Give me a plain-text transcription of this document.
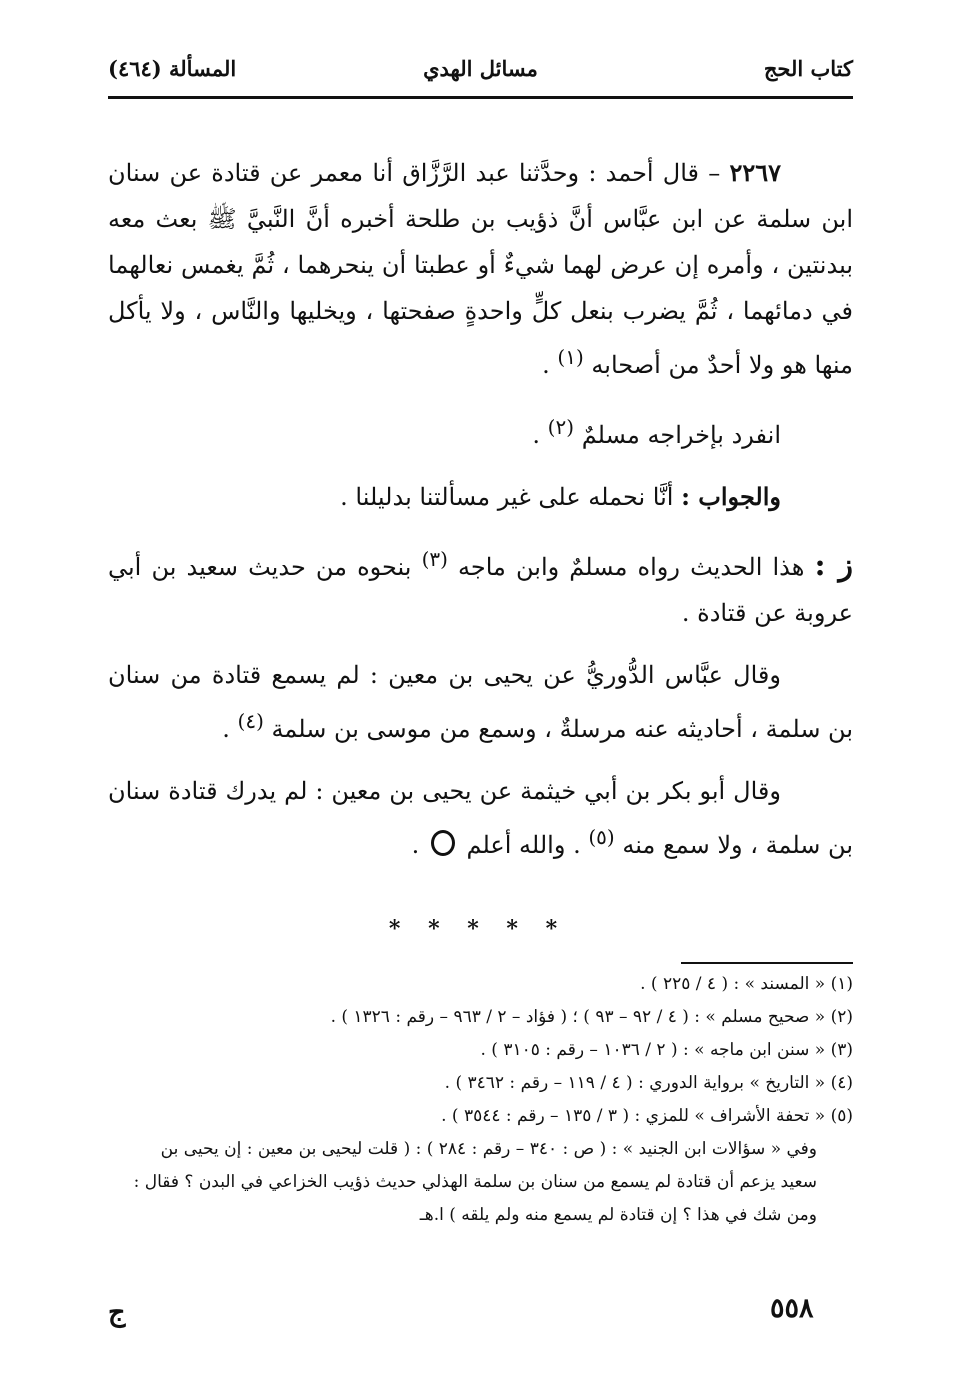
كتاب الحج
مسائل الهدي
المسألة (٤٦٤)

٢٢٦٧ – قال أحمد : وحدَّثنا عبد الرَّزَّاق أنا معمر عن قتادة عن سنان ابن سلمة عن ابن عبَّاس أنَّ ذؤيب بن طلحة أخبره أنَّ النَّبيَّ ﷺ بعث معه ببدنتين ، وأمره إن عرض لهما شيءٌ أو عطبتا أن ينحرهما ، ثُمَّ يغمس نعالهما في دمائهما ، ثُمَّ يضرب بنعل كلٍّ واحدةٍ صفحتها ، ويخليها والنَّاس ، ولا يأكل منها هو ولا أحدٌ من أصحابه $^{(١)}$ .

انفرد بإخراجه مسلمٌ $^{(٢)}$ .

والجواب : أنَّا نحمله على غير مسألتنا بدليلنا .

ز : هذا الحديث رواه مسلمٌ وابن ماجه $^{(٣)}$ بنحوه من حديث سعيد بن أبي عروبة عن قتادة .

وقال عبَّاس الدُّوريُّ عن يحيى بن معين : لم يسمع قتادة من سنان بن سلمة ، أحاديثه عنه مرسلةٌ ، وسمع من موسى بن سلمة $^{(٤)}$ .

وقال أبو بكر بن أبي خيثمة عن يحيى بن معين : لم يدرك قتادة سنان بن سلمة ، ولا سمع منه $^{(٥)}$ . والله أعلم  .

* * * * *
(١) « المسند » : ( ٤ / ٢٢٥ ) .
(٢) « صحيح مسلم » : ( ٤ / ٩٢ – ٩٣ ) ؛ ( فؤاد – ٢ / ٩٦٣ – رقم : ١٣٢٦ ) .
(٣) « سنن ابن ماجه » : ( ٢ / ١٠٣٦ – رقم : ٣١٠٥ ) .
(٤) « التاريخ » برواية الدوري : ( ٤ / ١١٩ – رقم : ٣٤٦٢ ) .
(٥) « تحفة الأشراف » للمزي : ( ٣ / ١٣٥ – رقم : ٣٥٤٤ ) .
وفي « سؤالات ابن الجنيد » : ( ص : ٣٤٠ – رقم : ٢٨٤ ) : ( قلت ليحيى بن معين : إن يحيى بن سعيد يزعم أن قتادة لم يسمع من سنان بن سلمة الهذلي حديث ذؤيب الخزاعي في البدن ؟ فقال : ومن شك في هذا ؟ إن قتادة لم يسمع منه ولم يلقه ) ا.هـ
٥٥٨
ج
